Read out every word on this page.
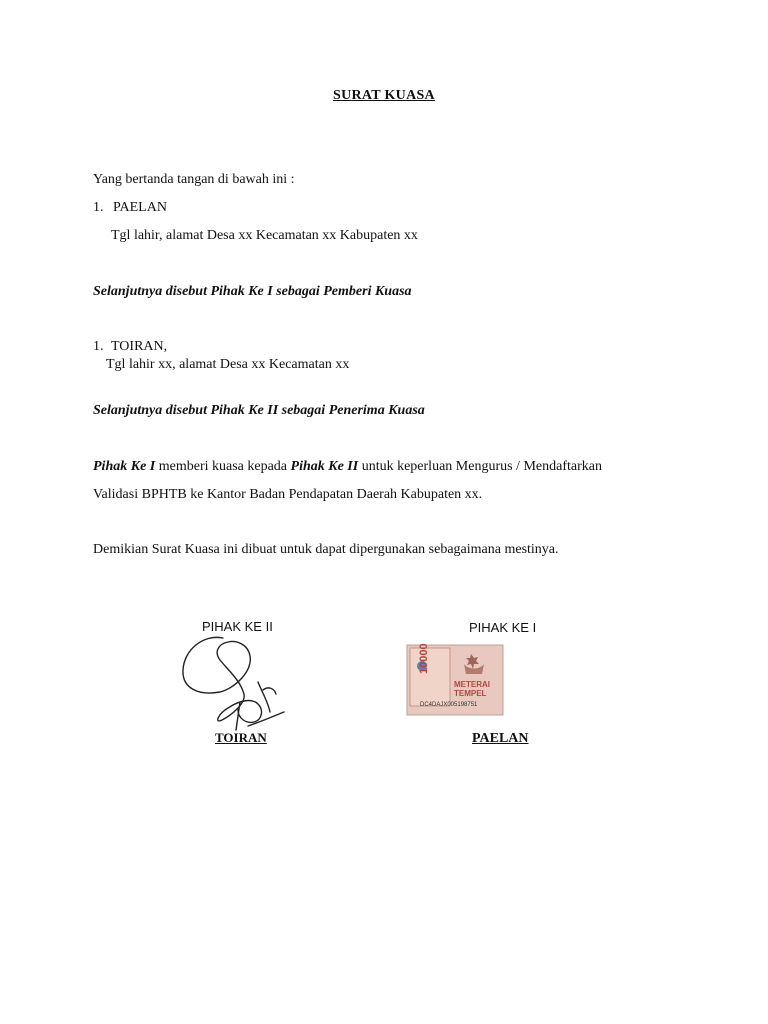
SURAT KUASA
Yang bertanda tangan di bawah ini :
1. PAELAN
Tgl lahir, alamat Desa xx Kecamatan xx Kabupaten xx
Selanjutnya disebut Pihak Ke I sebagai Pemberi Kuasa
1. TOIRAN,
Tgl lahir xx, alamat Desa xx Kecamatan xx
Selanjutnya disebut Pihak Ke II sebagai Penerima Kuasa
Pihak Ke I memberi kuasa kepada Pihak Ke II untuk keperluan Mengurus / Mendaftarkan
Validasi BPHTB ke Kantor Badan Pendapatan Daerah Kabupaten xx.
Demikian Surat Kuasa ini dibuat untuk dapat dipergunakan sebagaimana mestinya.
PIHAK KE II	PIHAK KE I
10000
METERAI
TEMPEL
DC4DAJX005198751
TOIRAN	PAELAN
